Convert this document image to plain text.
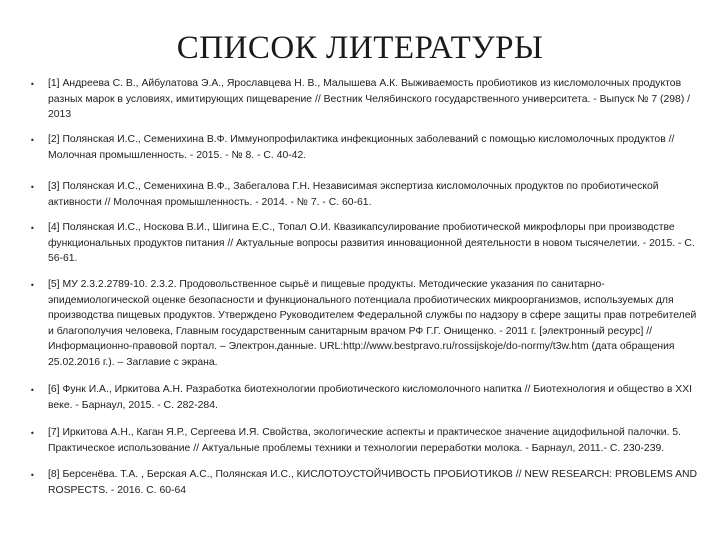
СПИСОК ЛИТЕРАТУРЫ
• [1] Андреева С. В., Айбулатова Э.А., Ярославцева Н. В., Малышева А.К. Выживаемость пробиотиков из кисломолочных продуктов разных марок в условиях, имитирующих пищеварение // Вестник Челябинского государственного университета. - Выпуск № 7 (298) / 2013
• [2] Полянская И.С., Семенихина В.Ф. Иммунопрофилактика инфекционных заболеваний с помощью кисломолочных продуктов // Молочная промышленность. - 2015. - № 8. - С. 40-42.
• [3] Полянская И.С., Семенихина В.Ф., Забегалова Г.Н. Независимая экспертиза кисломолочных продуктов по пробиотической активности // Молочная промышленность. - 2014. - № 7. - С. 60-61.
• [4] Полянская И.С., Носкова В.И., Шигина Е.С., Топал О.И. Квазикапсулирование пробиотической микрофлоры при производстве функциональных продуктов питания // Актуальные вопросы развития инновационной деятельности в новом тысячелетии. - 2015. - С. 56-61.
• [5] МУ 2.3.2.2789-10. 2.3.2. Продовольственное сырьё и пищевые продукты. Методические указания по санитарно-эпидемиологической оценке безопасности и функционального потенциала пробиотических микроорганизмов, используемых для производства пищевых продуктов. Утверждено Руководителем Федеральной службы по надзору в сфере защиты прав потребителей и благополучия человека, Главным государственным санитарным врачом РФ Г.Г. Онищенко. - 2011 г. [электронный ресурс] // Информационно-правовой портал. – Электрон.данные. URL:http://www.bestpravo.ru/rossijskoje/do-normy/t3w.htm (дата обращения 25.02.2016 г.). – Заглавие с экрана.
• [6] Функ И.А., Иркитова А.Н. Разработка биотехнологии пробиотического кисломолочного напитка // Биотехнология и общество в XXI веке. - Барнаул, 2015. - С. 282-284.
• [7] Иркитова А.Н., Каган Я.Р., Сергеева И.Я. Свойства, экологические аспекты и практическое значение ацидофильной палочки. 5. Практическое использование // Актуальные проблемы техники и технологии переработки молока. - Барнаул, 2011.- С. 230-239.
• [8] Берсенёва. Т.А. , Берская А.С., Полянская И.С., КИСЛОТОУСТОЙЧИВОСТЬ ПРОБИОТИКОВ // NEW RESEARCH: PROBLEMS AND ROSPECTS. - 2016. С. 60-64
